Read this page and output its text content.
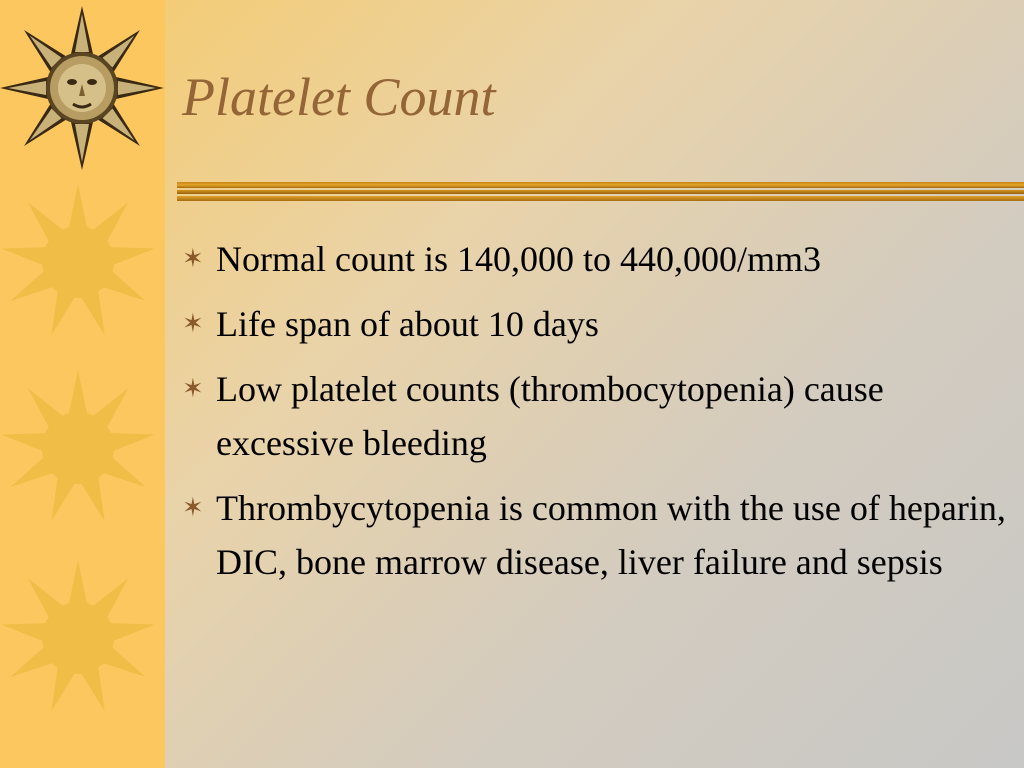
Platelet Count
✶ Normal count is 140,000 to 440,000/mm3
✶ Life span of about 10 days
✶ Low platelet counts (thrombocytopenia) cause excessive bleeding
✶ Thrombycytopenia is common with the use of heparin, DIC, bone marrow disease, liver failure and sepsis
